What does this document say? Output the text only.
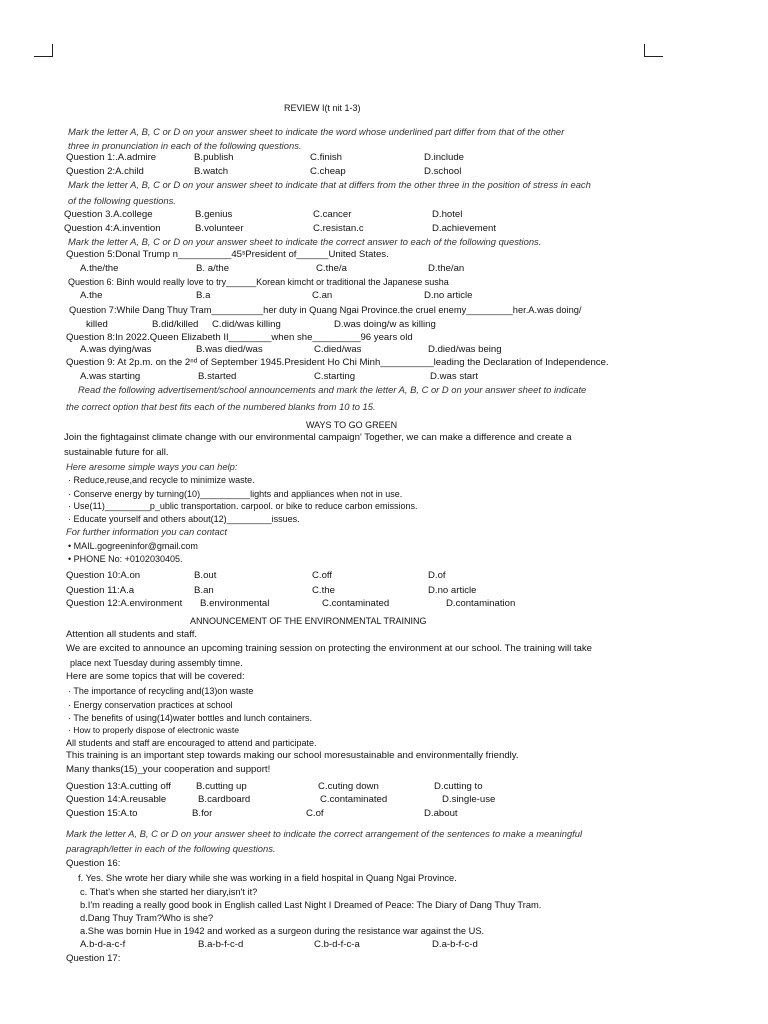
REVIEW I(t nit 1-3)
Mark the letter A, B, C or D on your answer sheet to indicate the word whose underlined part differ from that of the other
three in pronunciation in each of the following questions.
Question 1:.A.admire	B.publish	C.finish	D.include
Question 2:A.child	B.watch	C.cheap	D.school
Mark the letter A, B, C or D on your answer sheet to indicate that at differs from the other three in the position of stress in each
of the following questions.
Question 3.A.college	B.genius	C.cancer	D.hotel
Question 4:A.invention	B.volunteer	C.resistan.c	D.achievement
Mark the letter A, B, C or D on your answer sheet to indicate the correct answer to each of the following questions.
Question 5:Donal Trump n__________45ˢPresident of______United States.
A.the/the	B. a/the	C.the/a	D.the/an
Question 6: Binh would really love to try______Korean kimcht or traditional the Japanese susha
A.the	B.a	C.an	D.no article
Question 7:While Dang Thuy Tram__________her duty in Quang Ngai Province.the cruel enemy_________her.A.was doing/
killed	B.did/killed C.did/was killing	D.was doing/w as killing
Question 8:In 2022.Queen Elizabeth II________when she_________96 years old
A.was dying/was	B.was died/was	C.died/was	D.died/was being
Question 9: At 2p.m. on the 2ⁿᵈ of September 1945.President Ho Chi Minh__________leading the Declaration of Independence.
A.was starting	B.started	C.starting	D.was start
Read the following advertisement/school announcements and mark the letter A, B, C or D on your answer sheet to indicate
the correct option that best fits each of the numbered blanks from 10 to 15.
WAYS TO GO GREEN
Join the fightagainst climate change with our environmental campaign' Together, we can make a difference and create a
sustainable future for all.
Here aresome simple ways you can help:
· Reduce,reuse,and recycle to minimize waste.
· Conserve energy by turning(10)__________lights and appliances when not in use.
· Use(11)_________p_ublic transportation. carpool. or bike to reduce carbon emissions.
· Educate yourself and others about(12)_________issues.
For further information you can contact
• MAIL.gogreeninfor@gmail.com
• PHONE No: +0102030405.
Question 10:A.on	B.out	C.off	D.of
Question 11:A.a	B.an	C.the	D.no article
Question 12:A.environment B.environmental	C.contaminated	D.contamination
ANNOUNCEMENT OF THE ENVIRONMENTAL TRAINING
Attention all students and staff.
We are excited to announce an upcoming training session on protecting the environment at our school. The training will take
place next Tuesday during assembly timne.
Here are some topics that will be covered:
· The importance of recycling and(13)on waste
· Energy conservation practices at school
· The benefits of using(14)water bottles and lunch containers.
· How to properly dispose of electronic waste
All students and staff are encouraged to attend and participate.
This training is an important step towards making our school moresustainable and environmentally friendly.
Many thanks(15)_your cooperation and support!
Question 13:A.cutting off	B.cutting up	C.cuting down	D.cutting to
Question 14:A.reusable	B.cardboard	C.contaminated	D.single-use
Question 15:A.to	B.for	C.of	D.about
Mark the letter A, B, C or D on your answer sheet to indicate the correct arrangement of the sentences to make a meaningful
paragraph/letter in each of the following questions.
Question 16:
f. Yes. She wrote her diary while she was working in a field hospital in Quang Ngai Province.
c. That's when she started her diary,isn't it?
b.I'm reading a really good book in English called Last Night I Dreamed of Peace: The Diary of Dang Thuy Tram.
d.Dang Thuy Tram?Who is she?
a.She was bornin Hue in 1942 and worked as a surgeon during the resistance war against the US.
A.b-d-a-c-f	B.a-b-f-c-d	C.b-d-f-c-a	D.a-b-f-c-d
Question 17:
